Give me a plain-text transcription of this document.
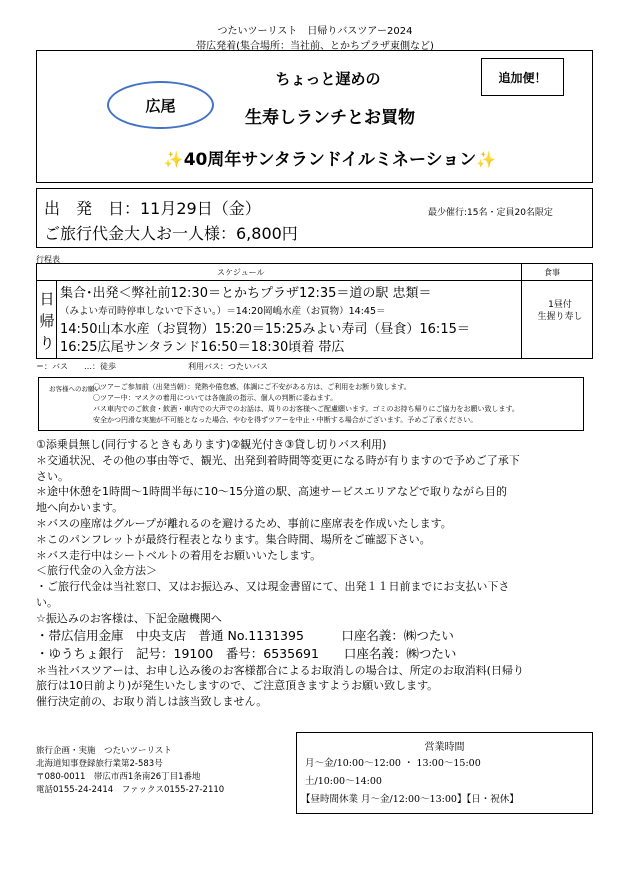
つたいツーリスト　日帰りバスツアー2024
帯広発着(集合場所：当社前、とかちプラザ東側など)
追加便！
広尾
ちょっと遅めの
生寿しランチとお買物
✨40周年サンタランドイルミネーション✨
出　発　日：11月29日（金）
ご旅行代金大人お一人様：6,800円
最少催行:15名・定員20名限定
行程表
スケジュール	食事
日
帰
り
集合･出発＜弊社前12:30＝とかちプラザ12:35＝道の駅 忠類＝
（みよい寿司時停車しないで下さい。）＝14:20岡嶋水産（お買物）14:45＝
14:50山本水産（お買物）15:20＝15:25みよい寿司（昼食）16:15＝
16:25広尾サンタランド16:50＝18:30頃着 帯広
1昼付
生握り寿し
＝：バス　　…：徒歩　　　　　　　　　利用バス：つたいバス
お客様へのお願い
〇ツアーご参加前（出発当朝）：発熱や倦怠感、体調にご不安がある方は、ご利用をお断り致します。
〇ツアー中：マスクの着用については各施設の指示、個人の判断に委ねます。
バス車内でのご飲食・飲酒・車内での大声でのお話は、周りのお客様へご配慮願います。ゴミのお持ち帰りにご協力をお願い致します。
安全かつ円滑な実施が不可能となった場合、やむを得ずツアーを中止・中断する場合がございます。予めご了承ください。
①添乗員無し(同行するときもあります)②観光付き③貸し切りバス利用)
＊交通状況、その他の事由等で、観光、出発到着時間等変更になる時が有りますので予めご了承下
さい。
＊途中休憩を1時間～1時間半毎に10～15分道の駅、高速サービスエリアなどで取りながら目的
地へ向かいます。
＊バスの座席はグループが離れるのを避けるため、事前に座席表を作成いたします。
＊このパンフレットが最終行程表となります。集合時間、場所をご確認下さい。
＊バス走行中はシートベルトの着用をお願いいたします。
＜旅行代金の入金方法＞
・ご旅行代金は当社窓口、又はお振込み、又は現金書留にて、出発１１日前までにお支払い下さ
い。
☆振込みのお客様は、下記金融機関へ
・帯広信用金庫　中央支店　普通 No.1131395　　　口座名義：㈱つたい
・ゆうちょ銀行　記号：19100　番号：6535691　　口座名義：㈱つたい
＊当社バスツアーは、お申し込み後のお客様都合によるお取消しの場合は、所定のお取消料(日帰り
旅行は10日前より)が発生いたしますので、ご注意頂きますようお願い致します。
催行決定前の、お取り消しは該当致しません。
旅行企画・実施　つたいツーリスト
北海道知事登録旅行業第2-583号
〒080-0011　帯広市西1条南26丁目1番地
電話0155-24-2414　ファックス0155-27-2110
営業時間
月～金/10:00～12:00 ・ 13:00～15:00
土/10:00～14:00
【昼時間休業 月～金/12:00～13:00】【日・祝休】
